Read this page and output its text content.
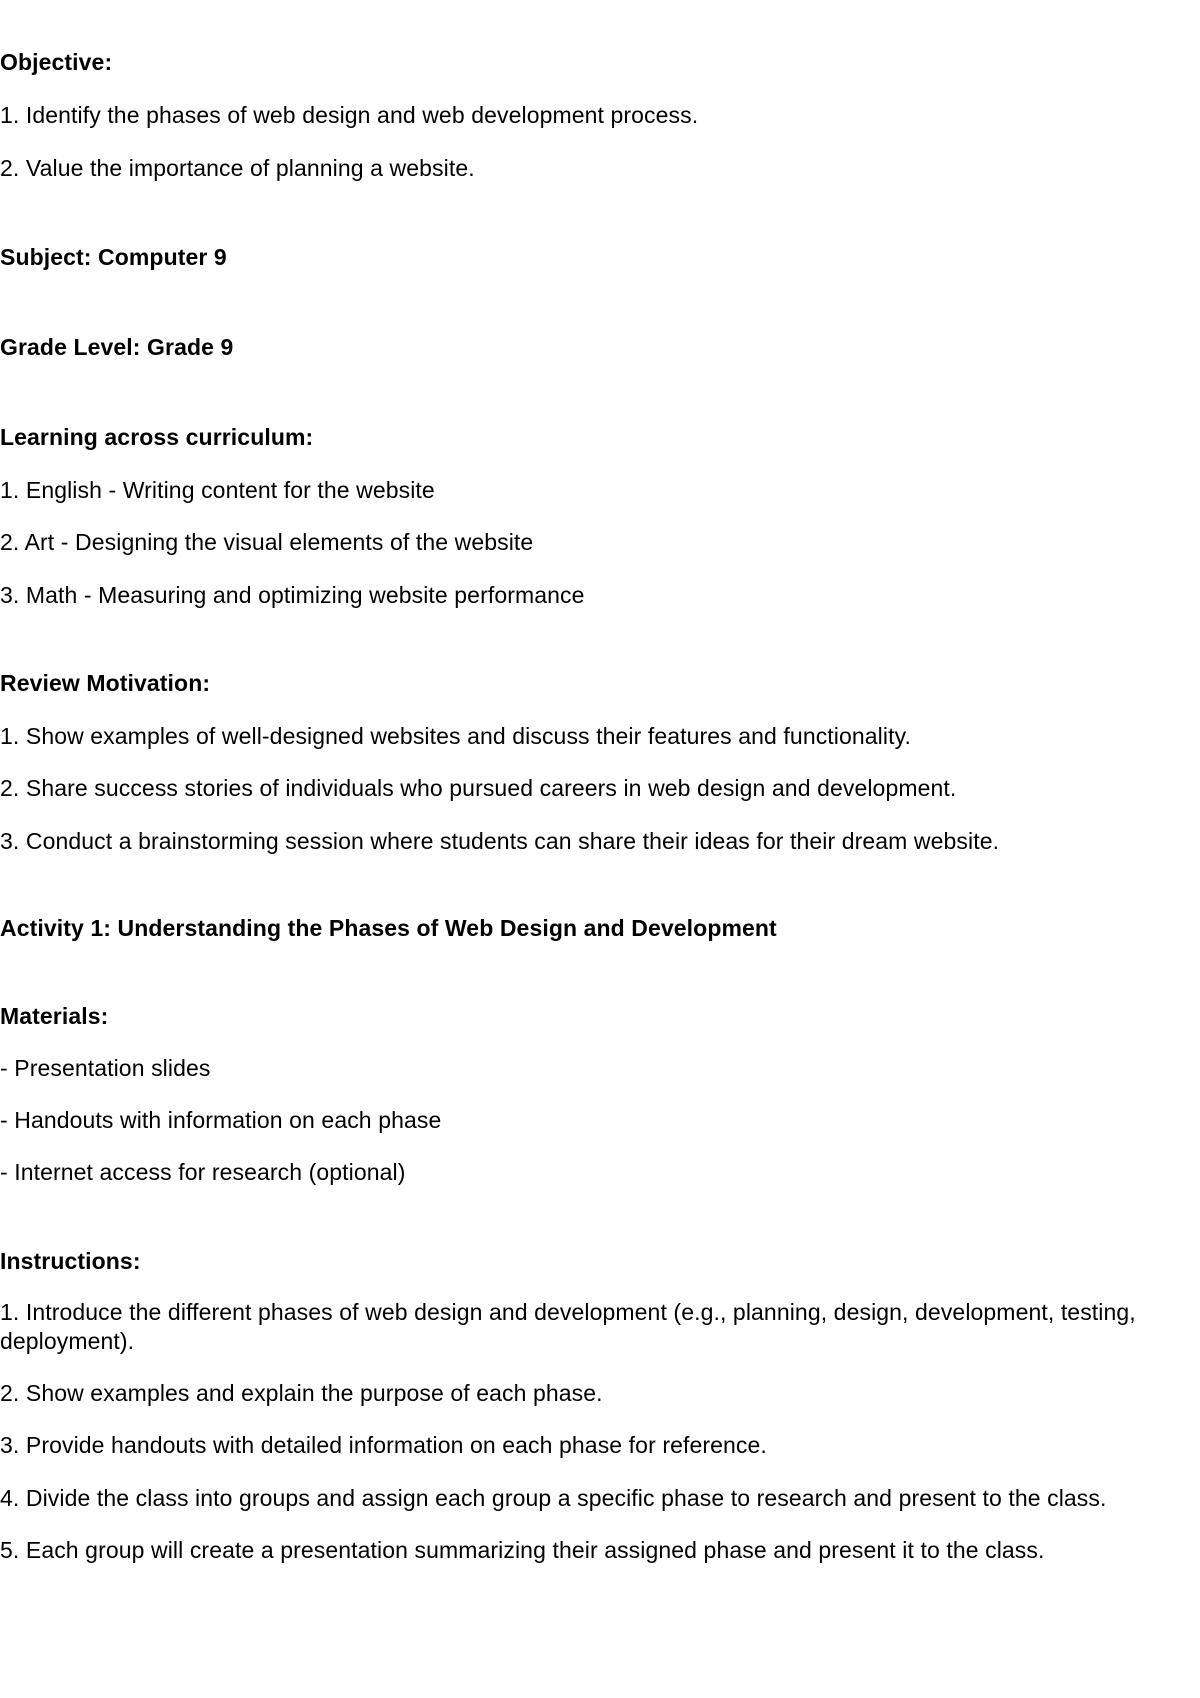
Objective:
1. Identify the phases of web design and web development process.
2. Value the importance of planning a website.
Subject: Computer 9
Grade Level: Grade 9
Learning across curriculum:
1. English - Writing content for the website
2. Art - Designing the visual elements of the website
3. Math - Measuring and optimizing website performance
Review Motivation:
1. Show examples of well-designed websites and discuss their features and functionality.
2. Share success stories of individuals who pursued careers in web design and development.
3. Conduct a brainstorming session where students can share their ideas for their dream website.
Activity 1: Understanding the Phases of Web Design and Development
Materials:
- Presentation slides
- Handouts with information on each phase
- Internet access for research (optional)
Instructions:
1. Introduce the different phases of web design and development (e.g., planning, design, development, testing, deployment).
2. Show examples and explain the purpose of each phase.
3. Provide handouts with detailed information on each phase for reference.
4. Divide the class into groups and assign each group a specific phase to research and present to the class.
5. Each group will create a presentation summarizing their assigned phase and present it to the class.
